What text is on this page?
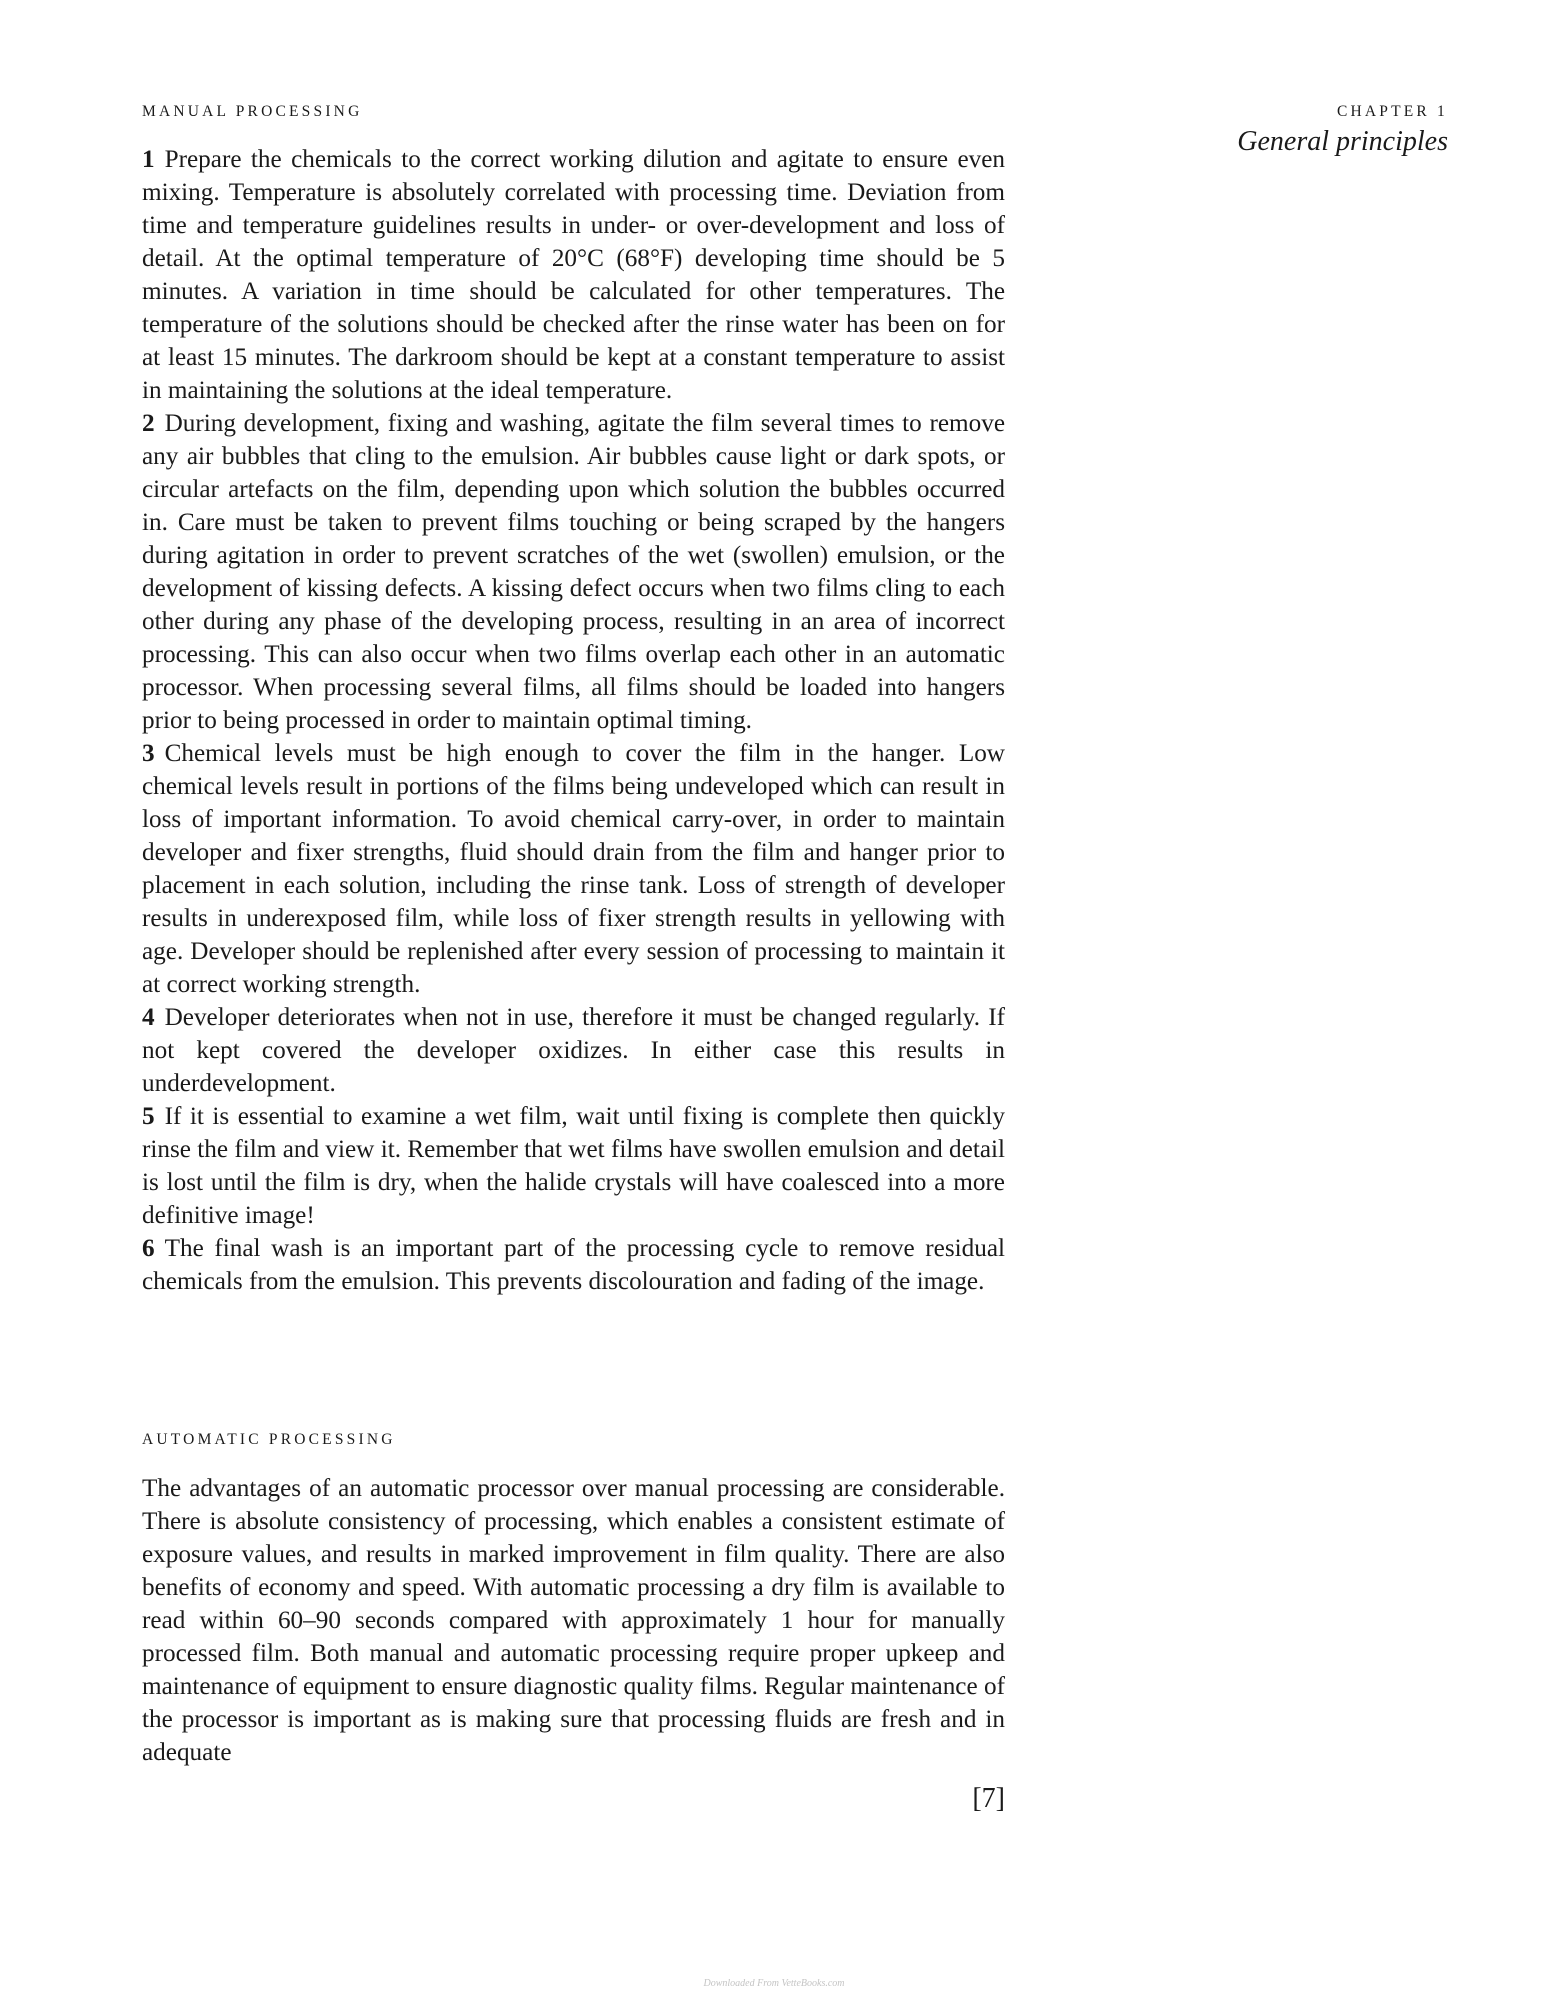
MANUAL PROCESSING	CHAPTER 1
General principles

1 Prepare the chemicals to the correct working dilution and agitate to ensure even mixing. Temperature is absolutely correlated with processing time. Deviation from time and temperature guidelines results in under- or over-development and loss of detail. At the optimal temperature of 20°C (68°F) developing time should be 5 minutes. A variation in time should be calculated for other temperatures. The temperature of the solutions should be checked after the rinse water has been on for at least 15 minutes. The darkroom should be kept at a constant temperature to assist in maintaining the solutions at the ideal temperature.

2 During development, fixing and washing, agitate the film several times to remove any air bubbles that cling to the emulsion. Air bubbles cause light or dark spots, or circular artefacts on the film, depending upon which solution the bubbles occurred in. Care must be taken to prevent films touching or being scraped by the hangers during agitation in order to prevent scratches of the wet (swollen) emulsion, or the development of kissing defects. A kissing defect occurs when two films cling to each other during any phase of the developing process, resulting in an area of incorrect processing. This can also occur when two films overlap each other in an automatic processor. When processing several films, all films should be loaded into hangers prior to being processed in order to maintain optimal timing.

3 Chemical levels must be high enough to cover the film in the hanger. Low chemical levels result in portions of the films being undeveloped which can result in loss of important information. To avoid chemical carry-over, in order to maintain developer and fixer strengths, fluid should drain from the film and hanger prior to placement in each solution, including the rinse tank. Loss of strength of developer results in underexposed film, while loss of fixer strength results in yellowing with age. Developer should be replenished after every session of processing to maintain it at correct working strength.

4 Developer deteriorates when not in use, therefore it must be changed regularly. If not kept covered the developer oxidizes. In either case this results in underdevelopment.

5 If it is essential to examine a wet film, wait until fixing is complete then quickly rinse the film and view it. Remember that wet films have swollen emulsion and detail is lost until the film is dry, when the halide crystals will have coalesced into a more definitive image!

6 The final wash is an important part of the processing cycle to remove residual chemicals from the emulsion. This prevents discolouration and fading of the image.

AUTOMATIC PROCESSING

The advantages of an automatic processor over manual processing are considerable. There is absolute consistency of processing, which enables a consistent estimate of exposure values, and results in marked improvement in film quality. There are also benefits of economy and speed. With automatic processing a dry film is available to read within 60–90 seconds compared with approximately 1 hour for manually processed film. Both manual and automatic processing require proper upkeep and maintenance of equipment to ensure diagnostic quality films. Regular maintenance of the processor is important as is making sure that processing fluids are fresh and in adequate

[7]
Downloaded From VetteBooks.com
